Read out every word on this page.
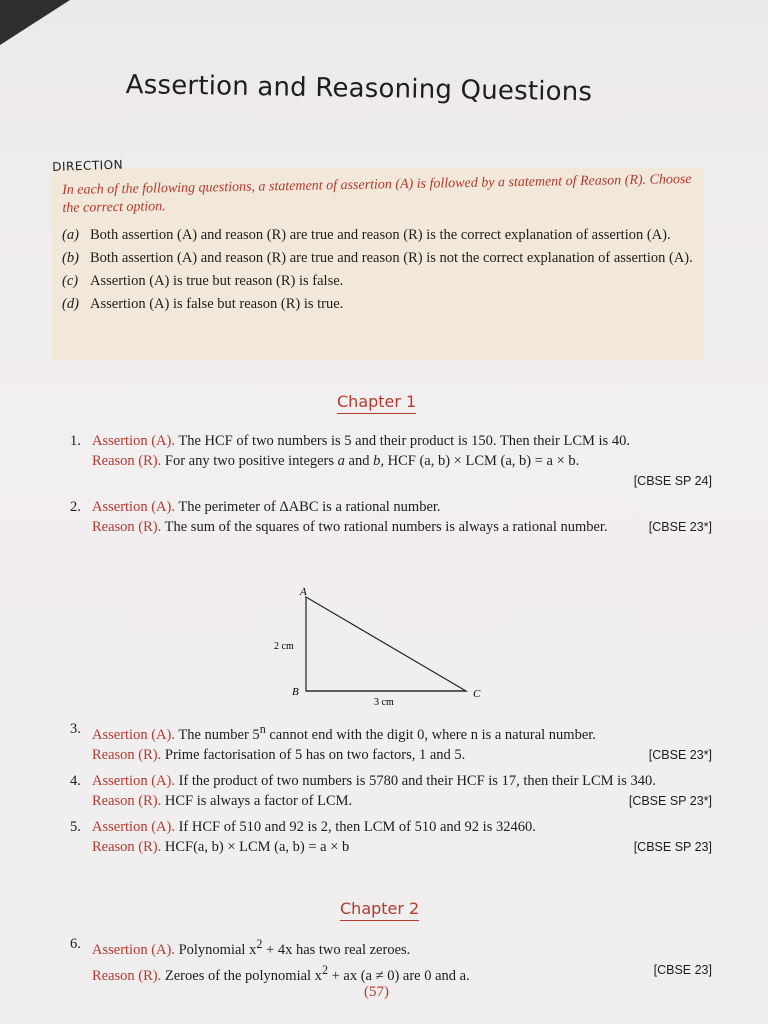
Assertion and Reasoning Questions
DIRECTION
In each of the following questions, a statement of assertion (A) is followed by a statement of Reason (R). Choose the correct option.
(a) Both assertion (A) and reason (R) are true and reason (R) is the correct explanation of assertion (A).
(b) Both assertion (A) and reason (R) are true and reason (R) is not the correct explanation of assertion (A).
(c) Assertion (A) is true but reason (R) is false.
(d) Assertion (A) is false but reason (R) is true.
Chapter 1
1. Assertion (A). The HCF of two numbers is 5 and their product is 150. Then their LCM is 40.
Reason (R). For any two positive integers a and b, HCF (a, b) × LCM (a, b) = a × b.
[CBSE SP 24]
2. Assertion (A). The perimeter of ΔABC is a rational number.
Reason (R). The sum of the squares of two rational numbers is always a rational number.	[CBSE 23*]
A
B	C
2 cm
3 cm
3. Assertion (A). The number 5$^n$ cannot end with the digit 0, where n is a natural number.
Reason (R). Prime factorisation of 5 has on two factors, 1 and 5.	[CBSE 23*]
4. Assertion (A). If the product of two numbers is 5780 and their HCF is 17, then their LCM is 340.
Reason (R). HCF is always a factor of LCM.	[CBSE SP 23*]
5. Assertion (A). If HCF of 510 and 92 is 2, then LCM of 510 and 92 is 32460.
Reason (R). HCF(a, b) × LCM (a, b) = a × b	[CBSE SP 23]
Chapter 2
6. Assertion (A). Polynomial $x^2 + 4x$ has two real zeroes.
Reason (R). Zeroes of the polynomial $x^2$ + ax (a ≠ 0) are 0 and a.	[CBSE 23]
(57)
